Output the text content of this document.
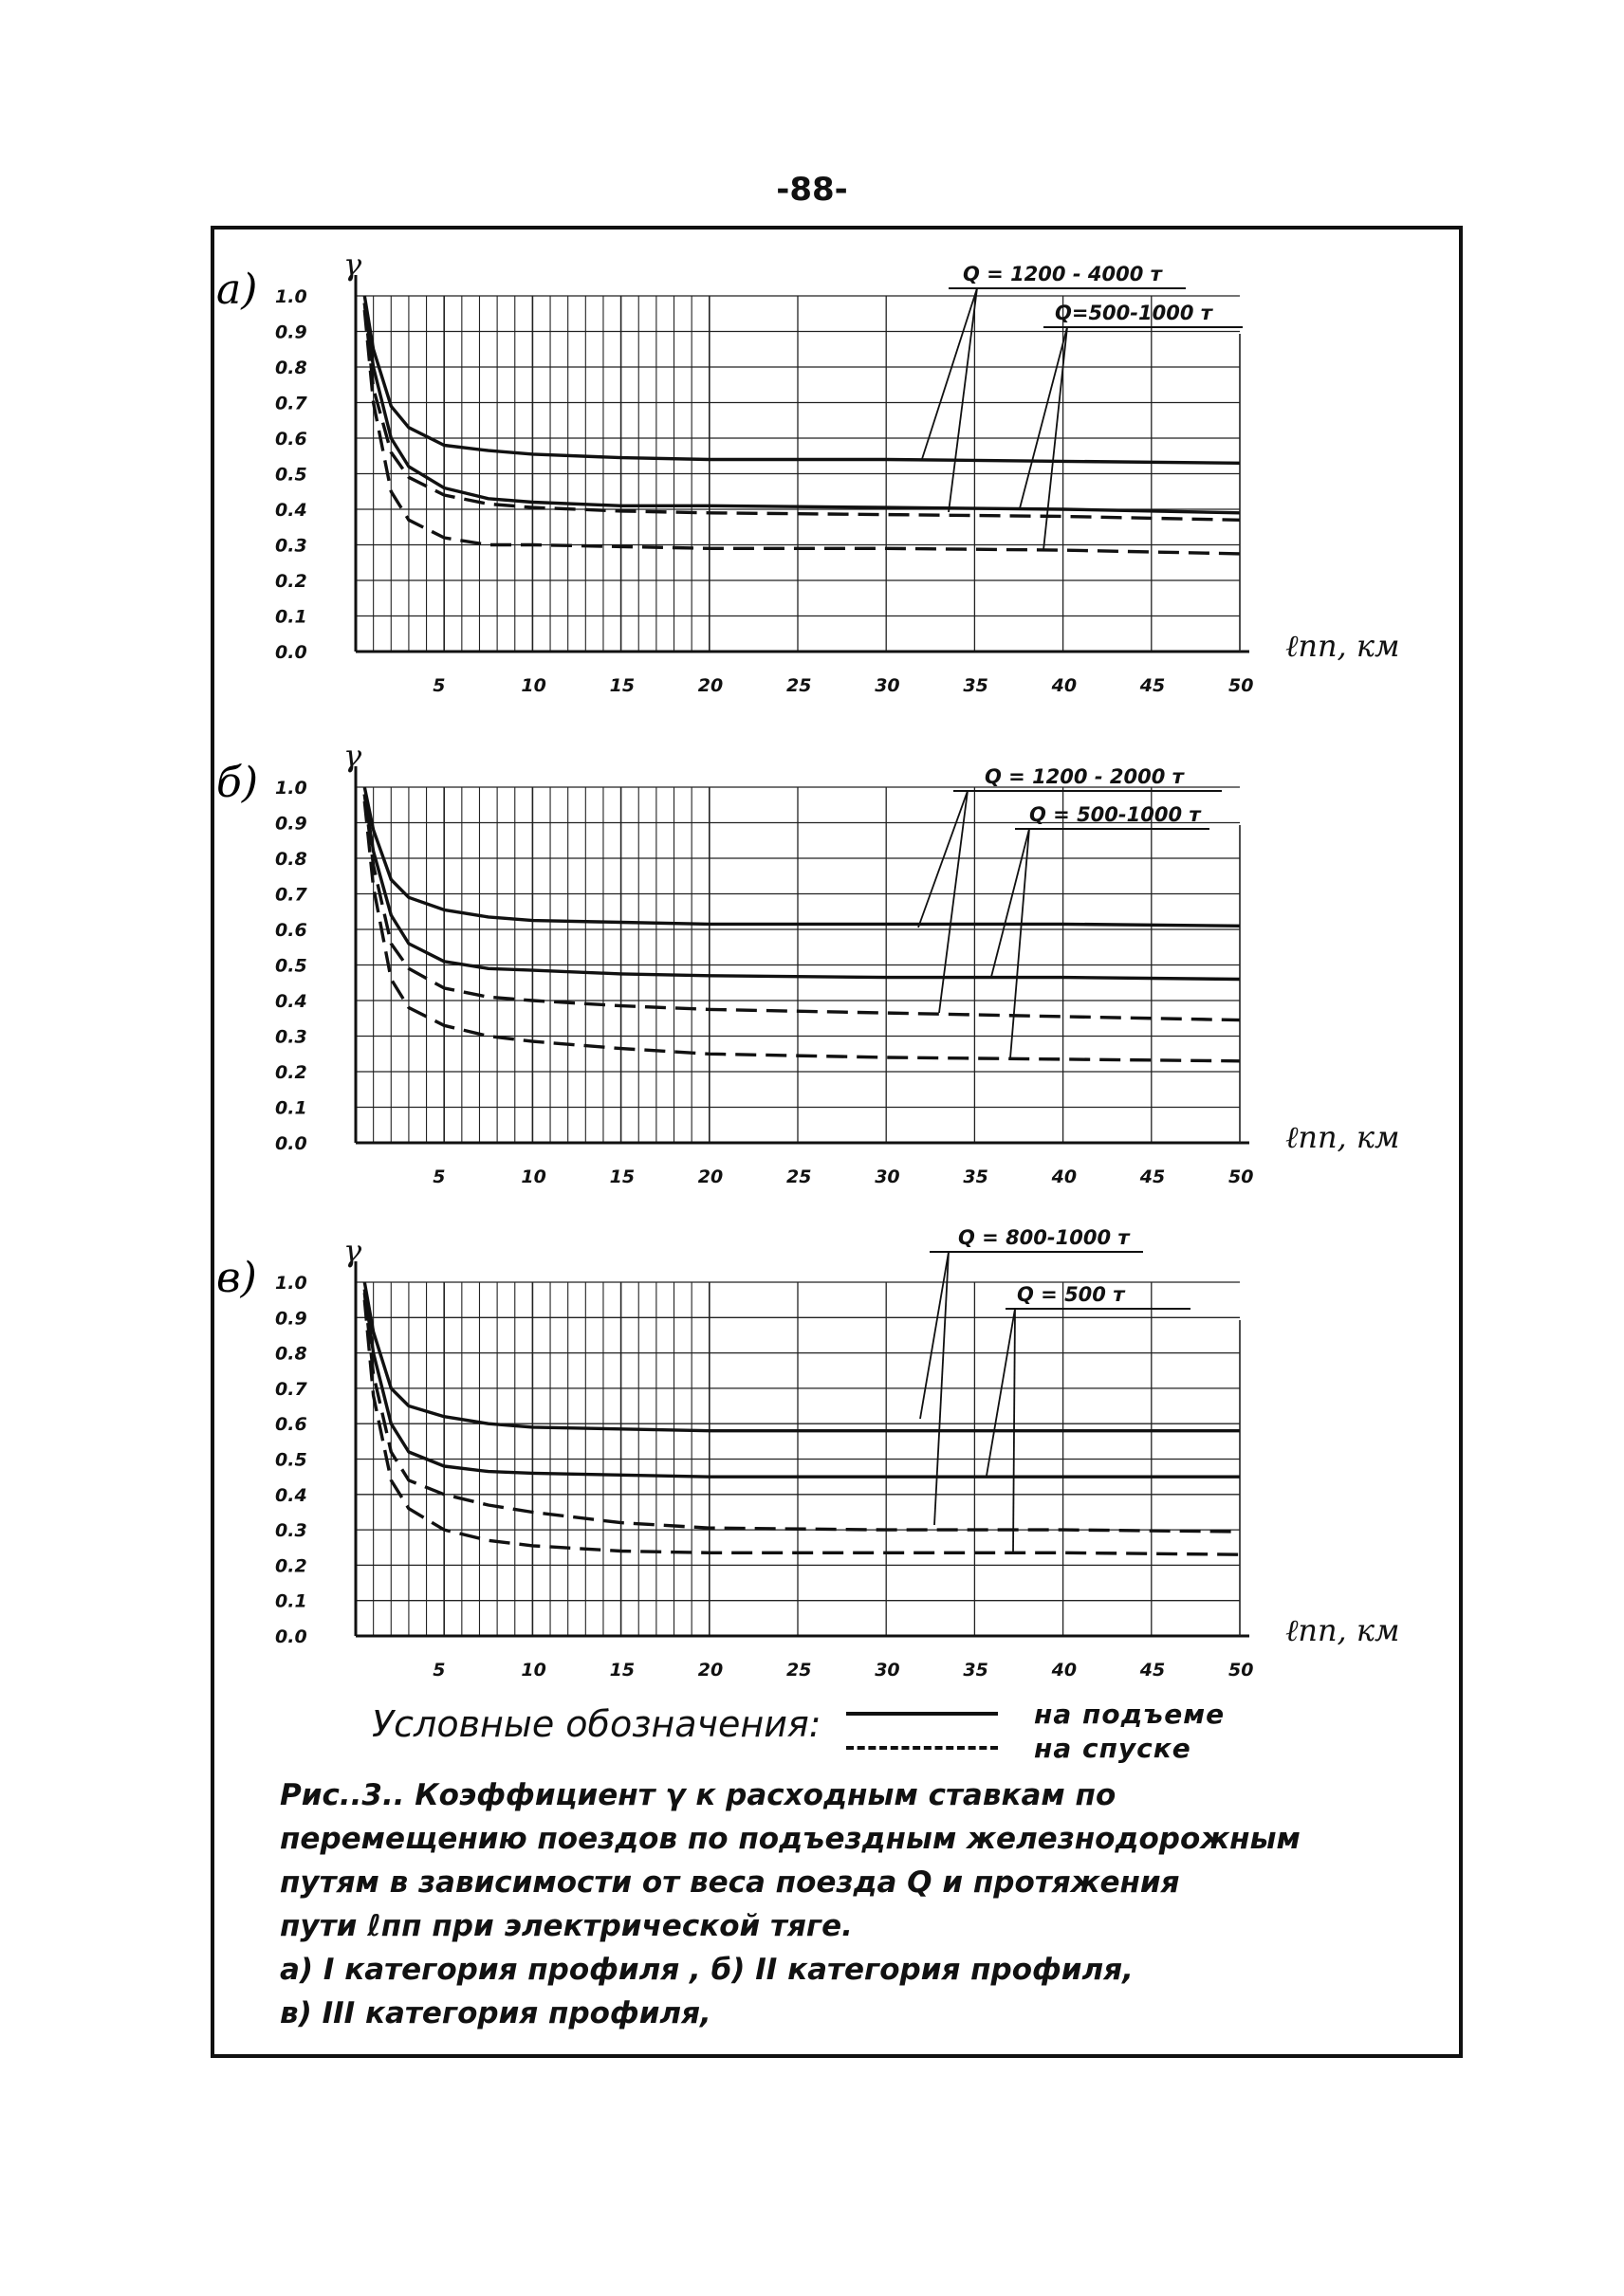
-88-
а)
0.0
0.1
0.2
0.3
0.4
0.5
0.6
0.7
0.8
0.9
1.0
5	10	15	20	25	30	35	40	45	50
γ
ℓпп, км
Q = 1200 - 4000 т
Q=500-1000 т
б)
0.0
0.1
0.2
0.3
0.4
0.5
0.6
0.7
0.8
0.9
1.0
5	10	15	20	25	30	35	40	45	50
γ
ℓпп, км
Q = 1200 - 2000 т
Q = 500-1000 т
в)
0.0
0.1
0.2
0.3
0.4
0.5
0.6
0.7
0.8
0.9
1.0
5	10	15	20	25	30	35	40	45	50
γ
ℓпп, км
Q = 800-1000 т
Q = 500 т
Условные обозначения:	на подъеме
на спуске

Рис..3.. Коэффициент γ к расходным ставкам по

перемещению поездов по подъездным железнодорожным

путям в зависимости от веса поезда Q и протяжения

пути ℓпп при электрической тяге.

а) I категория профиля , б) II категория профиля,

в) III категория профиля,
